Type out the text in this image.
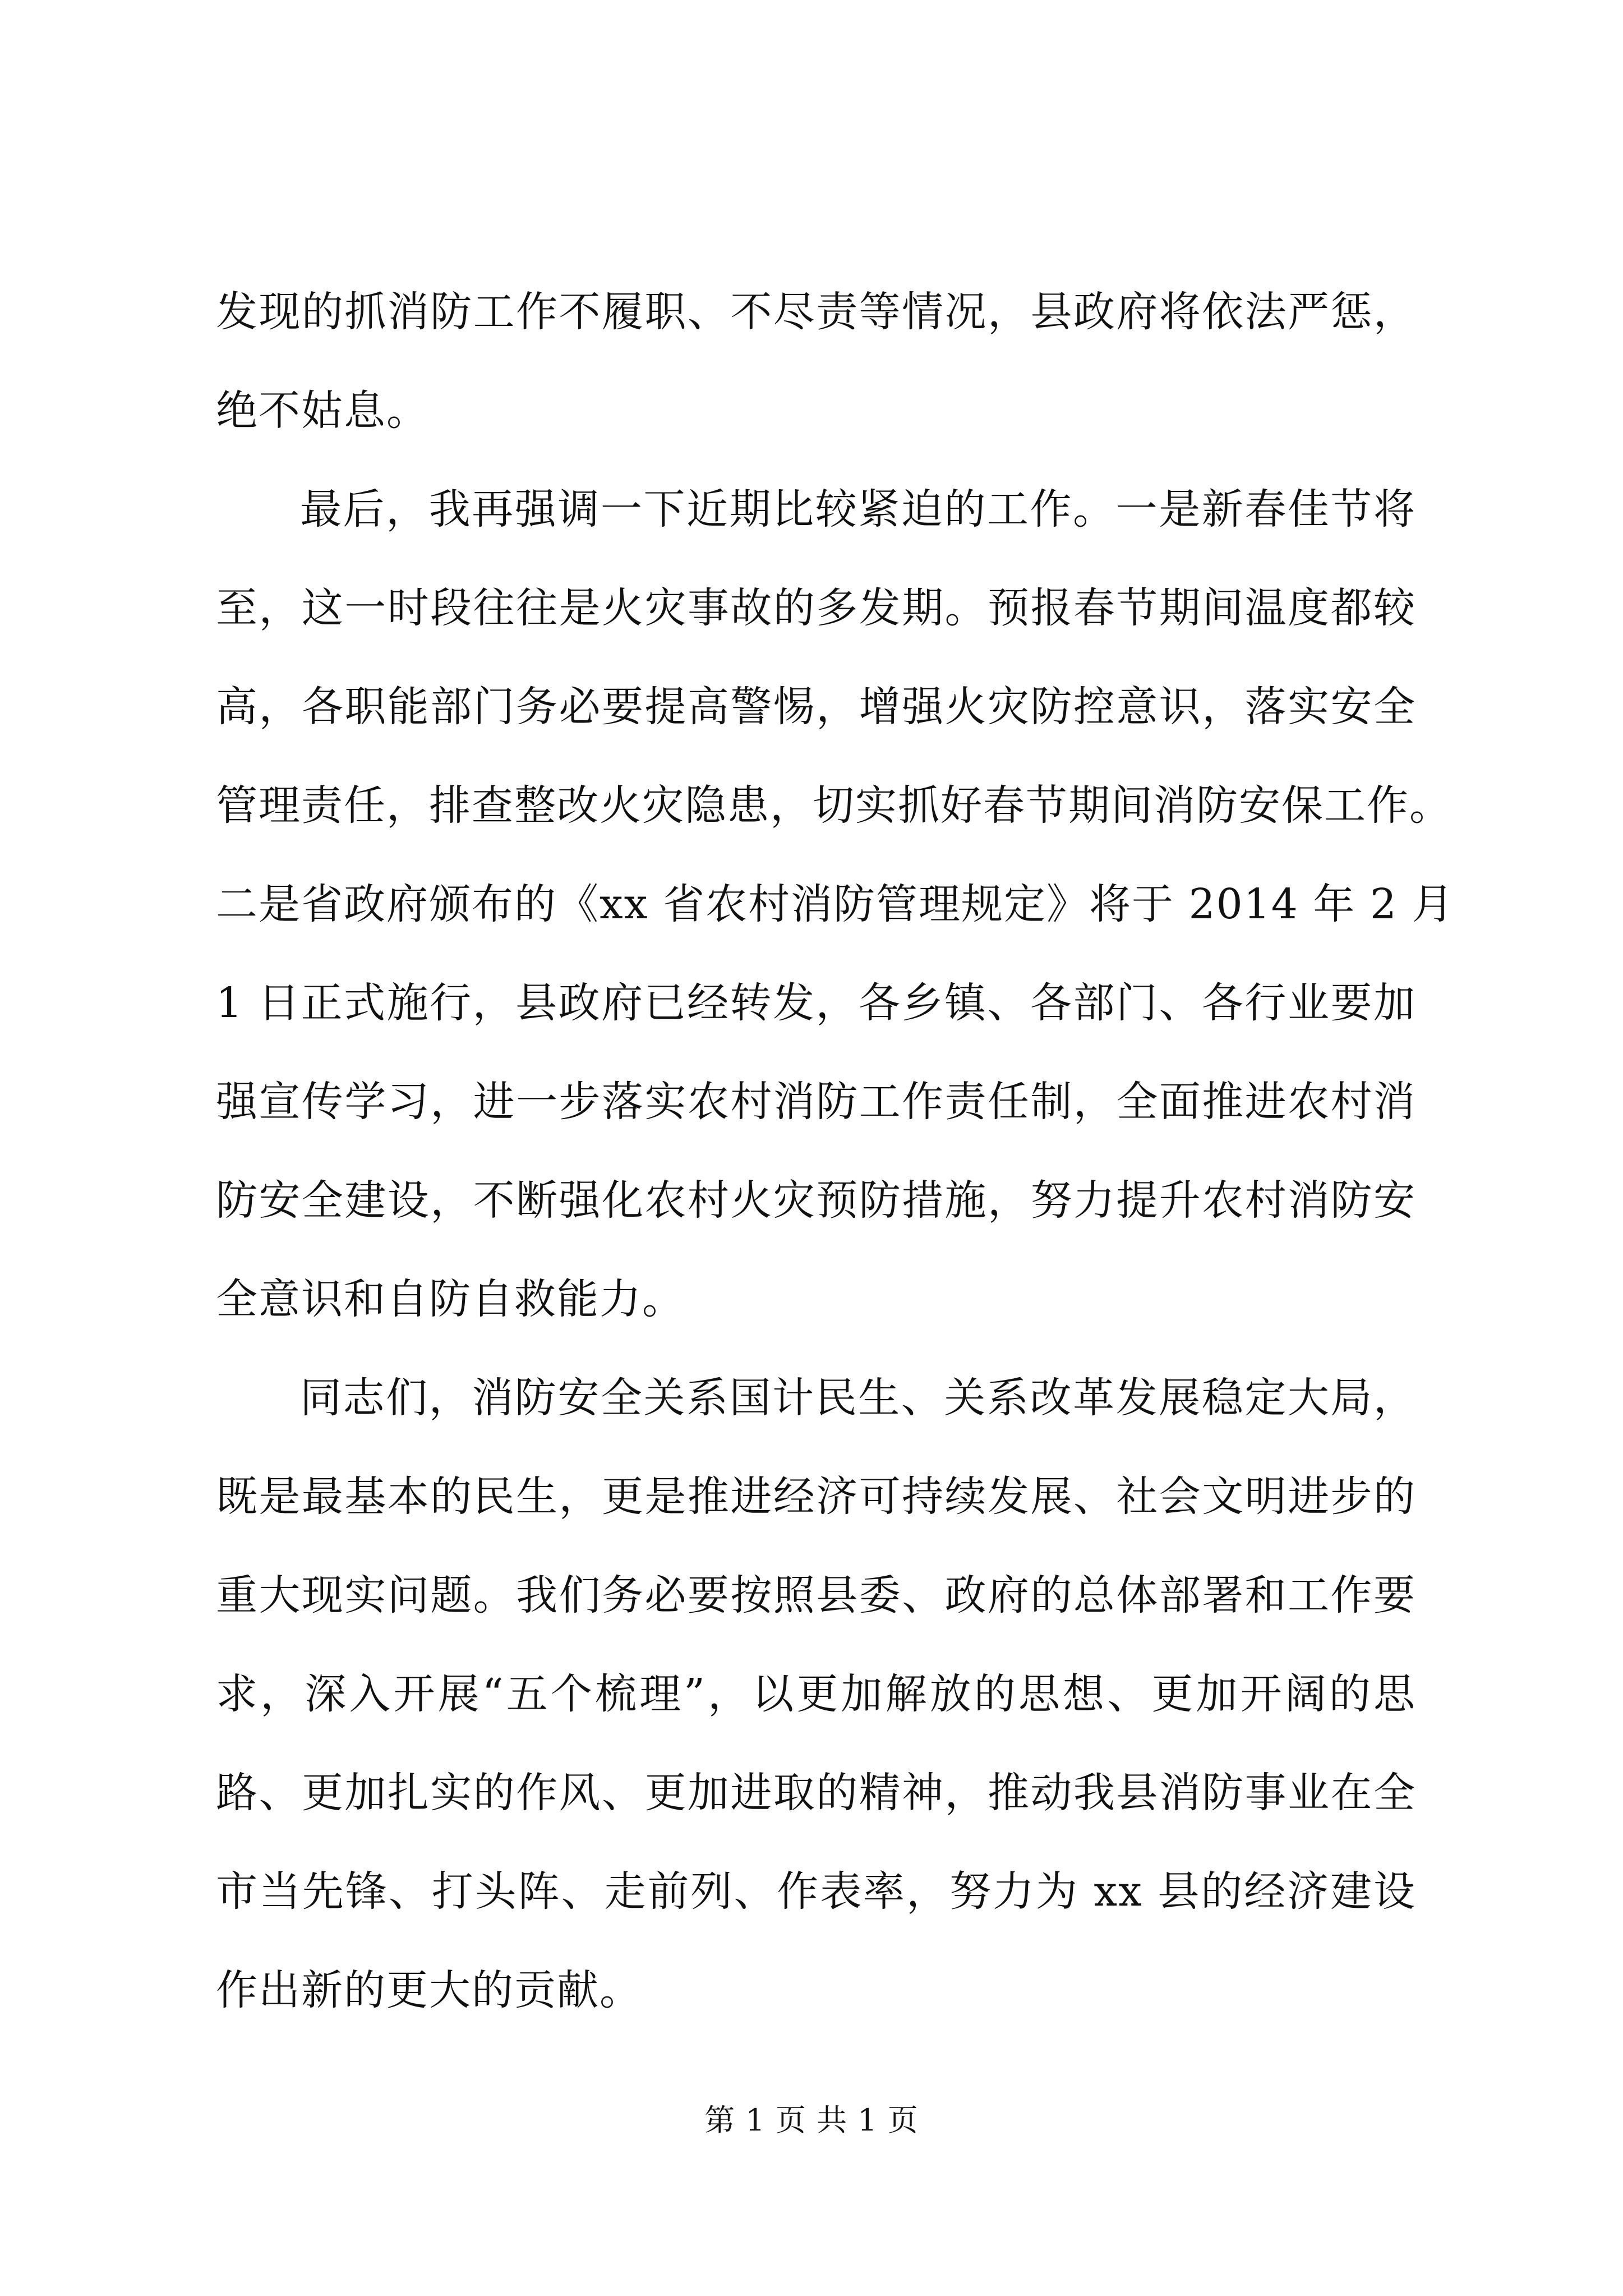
发现的抓消防工作不履职、不尽责等情况，县政府将依法严惩，
绝不姑息。
最后，我再强调一下近期比较紧迫的工作。一是新春佳节将
至，这一时段往往是火灾事故的多发期。预报春节期间温度都较
高，各职能部门务必要提高警惕，增强火灾防控意识，落实安全
管理责任，排查整改火灾隐患，切实抓好春节期间消防安保工作。
二是省政府颁布的《xx 省农村消防管理规定》将于 2014 年 2 月
1 日正式施行，县政府已经转发，各乡镇、各部门、各行业要加
强宣传学习，进一步落实农村消防工作责任制，全面推进农村消
防安全建设，不断强化农村火灾预防措施，努力提升农村消防安
全意识和自防自救能力。
同志们，消防安全关系国计民生、关系改革发展稳定大局，
既是最基本的民生，更是推进经济可持续发展、社会文明进步的
重大现实问题。我们务必要按照县委、政府的总体部署和工作要
求，深入开展“五个梳理”，以更加解放的思想、更加开阔的思
路、更加扎实的作风、更加进取的精神，推动我县消防事业在全
市当先锋、打头阵、走前列、作表率，努力为 xx 县的经济建设
作出新的更大的贡献。
第 1 页 共 1 页
